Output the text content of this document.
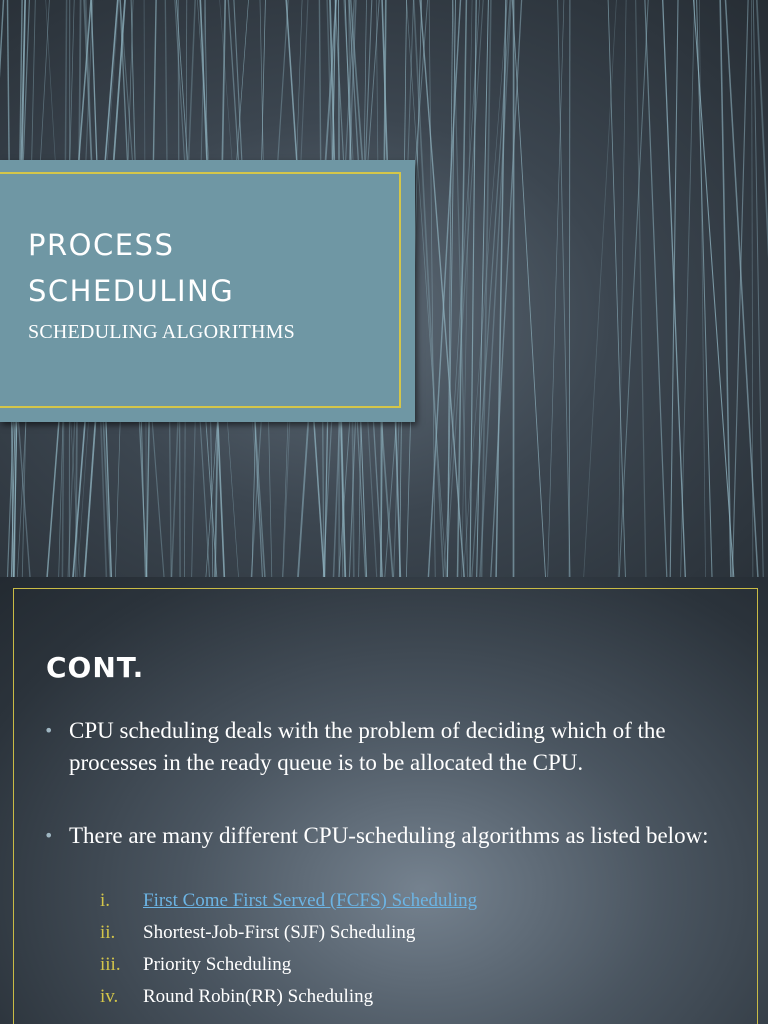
PROCESS
SCHEDULING

SCHEDULING ALGORITHMS

CONT.
• CPU scheduling deals with the problem of deciding which of the processes in the ready queue is to be allocated the CPU.
• There are many different CPU-scheduling algorithms as listed below:
i. First Come First Served (FCFS) Scheduling
ii. Shortest-Job-First (SJF) Scheduling
iii. Priority Scheduling
iv. Round Robin(RR) Scheduling
